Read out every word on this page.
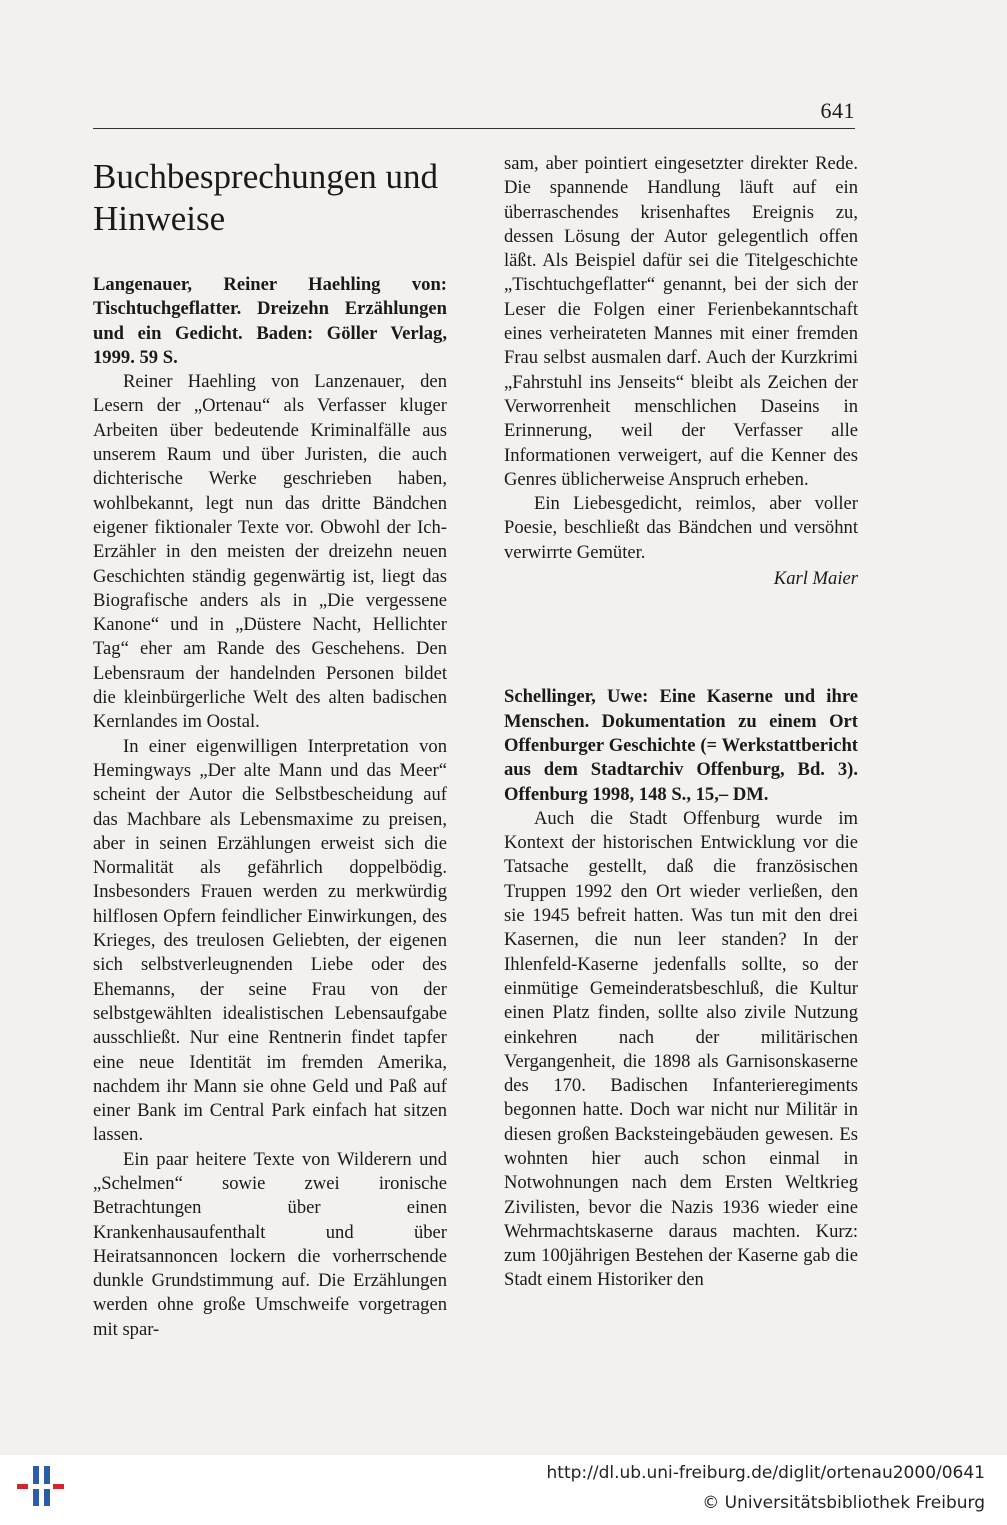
641
Buchbesprechungen und Hinweise

Langenauer, Reiner Haehling von: Tischtuchgeflatter. Dreizehn Erzählungen und ein Gedicht. Baden: Göller Verlag, 1999. 59 S.

Reiner Haehling von Lanzenauer, den Lesern der „Ortenau“ als Verfasser kluger Arbeiten über bedeutende Kriminalfälle aus unserem Raum und über Juristen, die auch dichterische Werke geschrieben haben, wohlbekannt, legt nun das dritte Bändchen eigener fiktionaler Texte vor. Obwohl der Ich-Erzähler in den meisten der dreizehn neuen Geschichten ständig gegenwärtig ist, liegt das Biografische anders als in „Die vergessene Kanone“ und in „Düstere Nacht, Hellichter Tag“ eher am Rande des Geschehens. Den Lebensraum der handelnden Personen bildet die kleinbürgerliche Welt des alten badischen Kernlandes im Oostal.

In einer eigenwilligen Interpretation von Hemingways „Der alte Mann und das Meer“ scheint der Autor die Selbstbescheidung auf das Machbare als Lebensmaxime zu preisen, aber in seinen Erzählungen erweist sich die Normalität als gefährlich doppelbödig. Insbesonders Frauen werden zu merkwürdig hilflosen Opfern feindlicher Einwirkungen, des Krieges, des treulosen Geliebten, der eigenen sich selbstverleugnenden Liebe oder des Ehemanns, der seine Frau von der selbstgewählten idealistischen Lebensaufgabe ausschließt. Nur eine Rentnerin findet tapfer eine neue Identität im fremden Amerika, nachdem ihr Mann sie ohne Geld und Paß auf einer Bank im Central Park einfach hat sitzen lassen.

Ein paar heitere Texte von Wilderern und „Schelmen“ sowie zwei ironische Betrachtungen über einen Krankenhausaufenthalt und über Heiratsannoncen lockern die vorherrschende dunkle Grundstimmung auf. Die Erzählungen werden ohne große Umschweife vorgetragen mit spar-

sam, aber pointiert eingesetzter direkter Rede. Die spannende Handlung läuft auf ein überraschendes krisenhaftes Ereignis zu, dessen Lösung der Autor gelegentlich offen läßt. Als Beispiel dafür sei die Titelgeschichte „Tischtuchgeflatter“ genannt, bei der sich der Leser die Folgen einer Ferienbekanntschaft eines verheirateten Mannes mit einer fremden Frau selbst ausmalen darf. Auch der Kurzkrimi „Fahrstuhl ins Jenseits“ bleibt als Zeichen der Verworrenheit menschlichen Daseins in Erinnerung, weil der Verfasser alle Informationen verweigert, auf die Kenner des Genres üblicherweise Anspruch erheben.

Ein Liebesgedicht, reimlos, aber voller Poesie, beschließt das Bändchen und versöhnt verwirrte Gemüter.

Karl Maier

Schellinger, Uwe: Eine Kaserne und ihre Menschen. Dokumentation zu einem Ort Offenburger Geschichte (= Werkstattbericht aus dem Stadtarchiv Offenburg, Bd. 3). Offenburg 1998, 148 S., 15,– DM.

Auch die Stadt Offenburg wurde im Kontext der historischen Entwicklung vor die Tatsache gestellt, daß die französischen Truppen 1992 den Ort wieder verließen, den sie 1945 befreit hatten. Was tun mit den drei Kasernen, die nun leer standen? In der Ihlenfeld-Kaserne jedenfalls sollte, so der einmütige Gemeinderatsbeschluß, die Kultur einen Platz finden, sollte also zivile Nutzung einkehren nach der militärischen Vergangenheit, die 1898 als Garnisonskaserne des 170. Badischen Infanterieregiments begonnen hatte. Doch war nicht nur Militär in diesen großen Backsteingebäuden gewesen. Es wohnten hier auch schon einmal in Notwohnungen nach dem Ersten Weltkrieg Zivilisten, bevor die Nazis 1936 wieder eine Wehrmachtskaserne daraus machten. Kurz: zum 100jährigen Bestehen der Kaserne gab die Stadt einem Historiker den

http://dl.ub.uni-freiburg.de/diglit/ortenau2000/0641
© Universitätsbibliothek Freiburg
